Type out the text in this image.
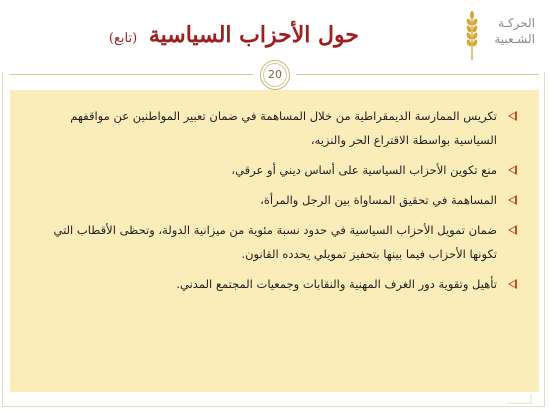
حول الأحزاب السياسية (تابع)
الحركـة
الشـعبية
تكريس الممارسة الديمقراطية من خلال المساهمة في ضمان تعبير المواطنين عن مواقفهم السياسية بواسطة الاقتراع الحر والنزيه،
منع تكوين الأحزاب السياسية على أساس ديني أو عرقي،
المساهمة في تحقيق المساواة بين الرجل والمرأة،
ضمان تمويل الأحزاب السياسية في حدود نسبة مئوية من ميزانية الدولة، وتحظى الأقطاب التي تكونها الأحزاب فيما بينها بتحفيز تمويلي يحدده القانون.
تأهيل وتقوية دور الغرف المهنية والنقابات وجمعيات المجتمع المدني.
20
